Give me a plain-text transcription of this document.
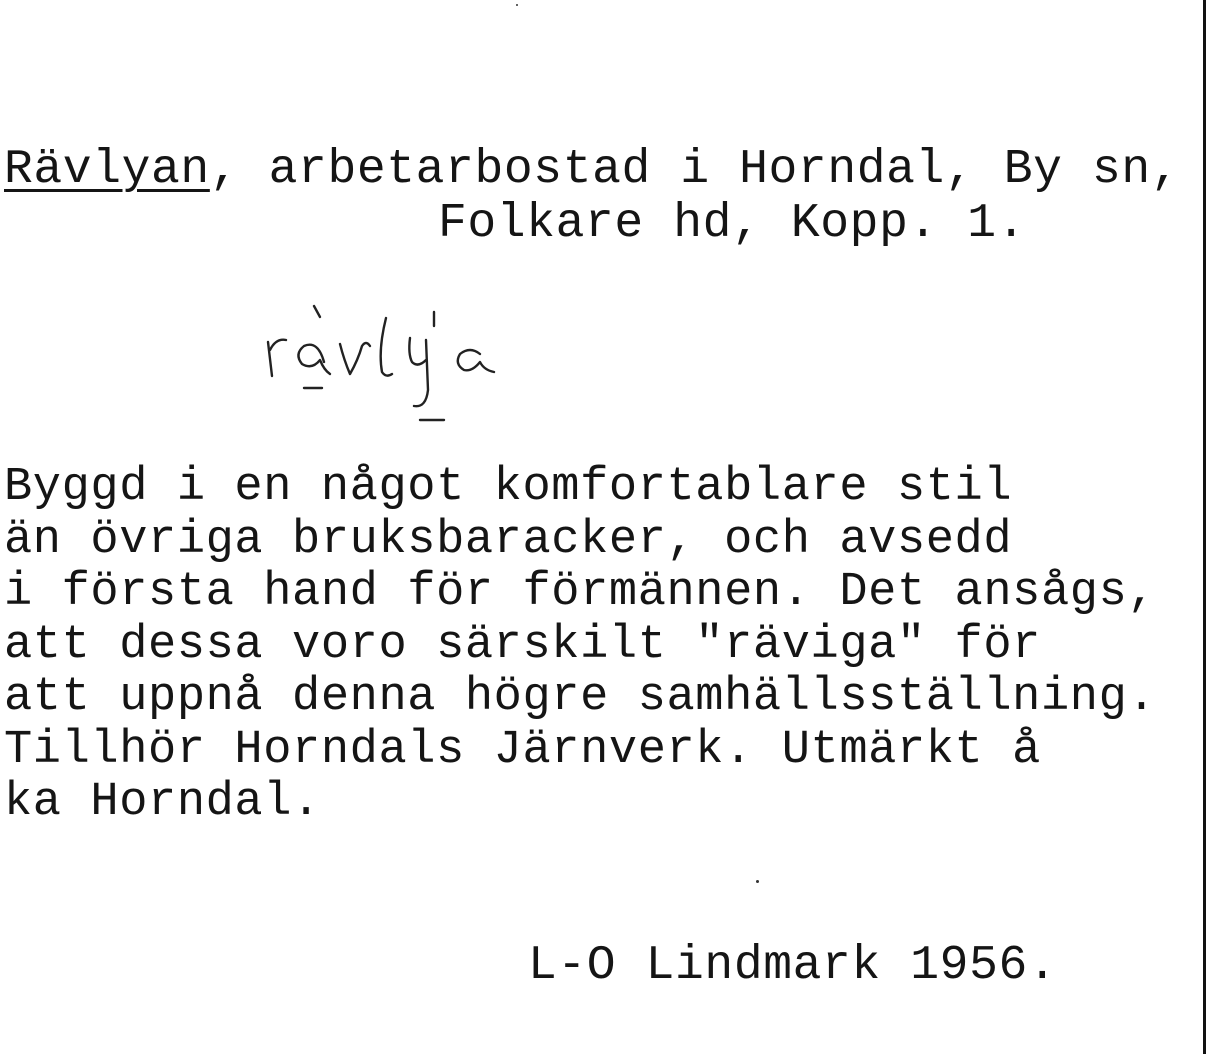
Rävlyan, arbetarbostad i Horndal, By sn,
Folkare hd, Kopp. 1.
Byggd i en något komfortablare stil
än övriga bruksbaracker, och avsedd
i första hand för förmännen. Det ansågs,
att dessa voro särskilt "räviga" för
att uppnå denna högre samhällsställning.
Tillhör Horndals Järnverk. Utmärkt å
ka Horndal.
L-O Lindmark 1956.
